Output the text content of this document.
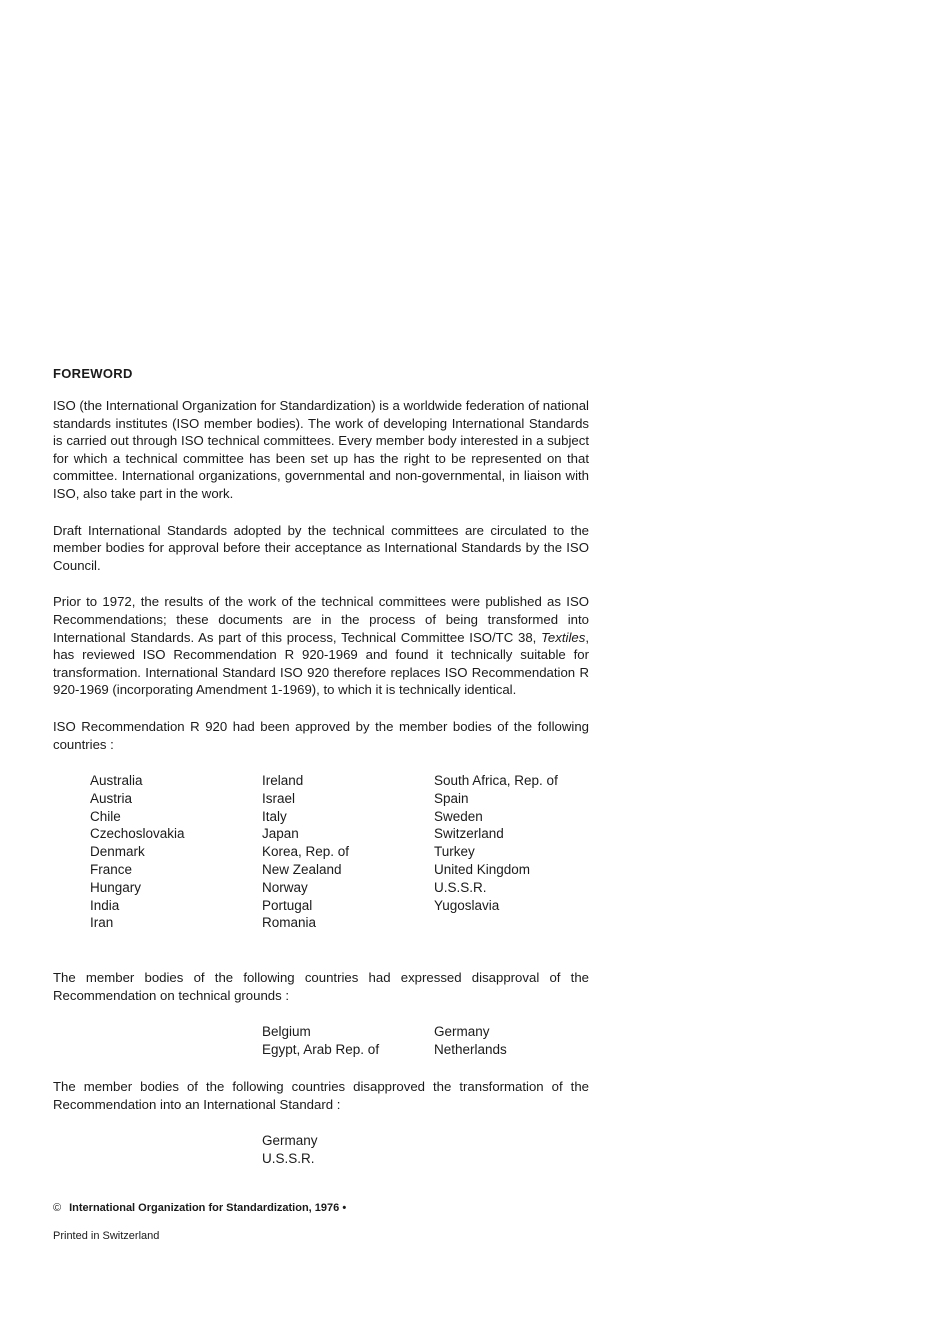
FOREWORD

ISO (the International Organization for Standardization) is a worldwide federation of national standards institutes (ISO member bodies). The work of developing International Standards is carried out through ISO technical committees. Every member body interested in a subject for which a technical committee has been set up has the right to be represented on that committee. International organizations, governmental and non-governmental, in liaison with ISO, also take part in the work.

Draft International Standards adopted by the technical committees are circulated to the member bodies for approval before their acceptance as International Standards by the ISO Council.

Prior to 1972, the results of the work of the technical committees were published as ISO Recommendations; these documents are in the process of being transformed into International Standards. As part of this process, Technical Committee ISO/TC 38, Textiles, has reviewed ISO Recommendation R 920-1969 and found it technically suitable for transformation. International Standard ISO 920 therefore replaces ISO Recommendation R 920-1969 (incorporating Amendment 1-1969), to which it is technically identical.

ISO Recommendation R 920 had been approved by the member bodies of the following countries :

Australia
Austria
Chile
Czechoslovakia
Denmark
France
Hungary
India
Iran
Ireland
Israel
Italy
Japan
Korea, Rep. of
New Zealand
Norway
Portugal
Romania
South Africa, Rep. of
Spain
Sweden
Switzerland
Turkey
United Kingdom
U.S.S.R.
Yugoslavia

The member bodies of the following countries had expressed disapproval of the Recommendation on technical grounds :

Belgium
Egypt, Arab Rep. of
Germany
Netherlands

The member bodies of the following countries disapproved the transformation of the Recommendation into an International Standard :

Germany
U.S.S.R.
© International Organization for Standardization, 1976 •
Printed in Switzerland
